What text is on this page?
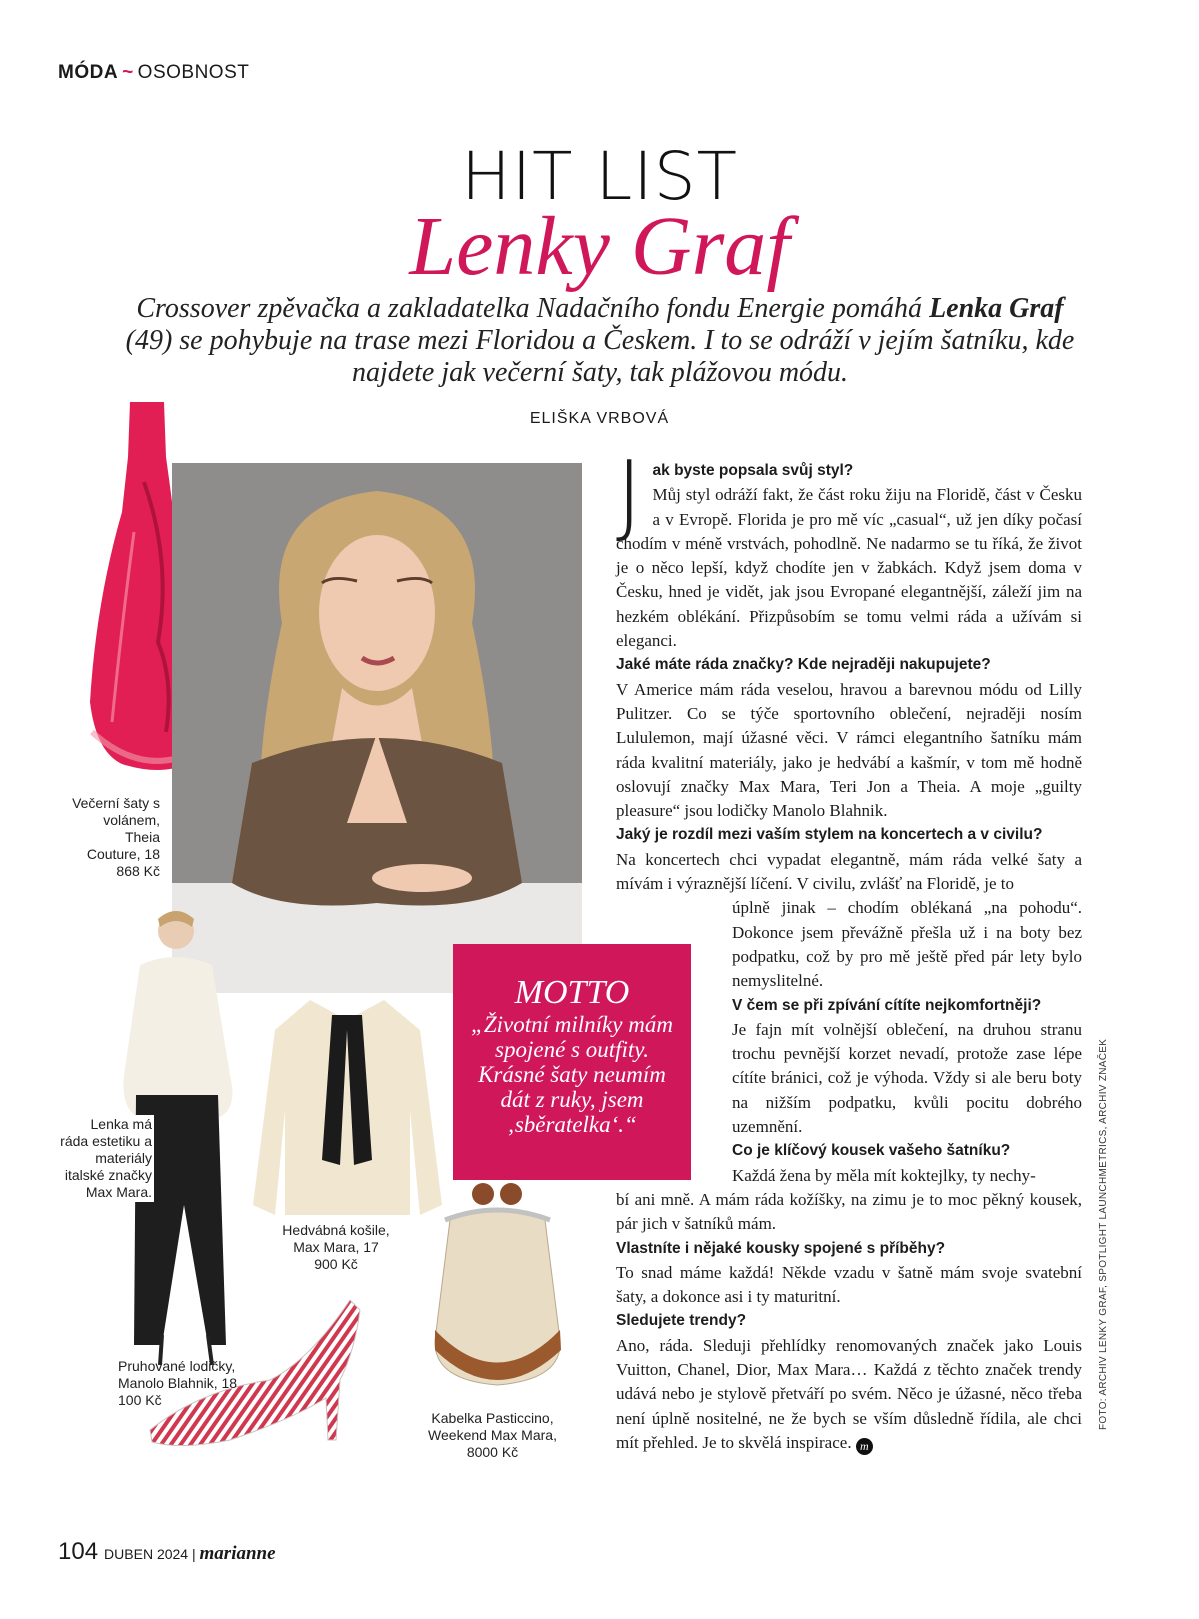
MÓDA ~ OSOBNOST
HIT LIST
Lenky Graf
Crossover zpěvačka a zakladatelka Nadačního fondu Energie pomáhá Lenka Graf (49) se pohybuje na trase mezi Floridou a Českem. I to se odráží v jejím šatníku, kde najdete jak večerní šaty, tak plážovou módu.
ELIŠKA VRBOVÁ
Večerní šaty s volánem, Theia Couture, 18 868 Kč
Lenka má ráda estetiku a materiály italské značky Max Mara.
Hedvábná košile, Max Mara, 17 900 Kč
Pruhované lodičky, Manolo Blahnik, 18 100 Kč
Kabelka Pasticcino, Weekend Max Mara, 8000 Kč
MOTTO
„Životní milníky mám spojené s outfity. Krásné šaty neumím dát z ruky, jsem ‚sběratelka‘.“

Jak byste popsala svůj styl?
Můj styl odráží fakt, že část roku žiju na Floridě, část v Česku a v Evropě. Florida je pro mě víc „casual“, už jen díky počasí chodím v méně vrstvách, pohodlně. Ne nadarmo se tu říká, že život je o něco lepší, když chodíte jen v žabkách. Když jsem doma v Česku, hned je vidět, jak jsou Evropané elegantnější, záleží jim na hezkém oblékání. Přizpůsobím se tomu velmi ráda a užívám si eleganci.

Jaké máte ráda značky? Kde nejraději nakupujete?

V Americe mám ráda veselou, hravou a barevnou módu od Lilly Pulitzer. Co se týče sportovního oblečení, nejraději nosím Lululemon, mají úžasné věci. V rámci elegantního šatníku mám ráda kvalitní materiály, jako je hedvábí a kašmír, v tom mě hodně oslovují značky Max Mara, Teri Jon a Theia. A moje „guilty pleasure“ jsou lodičky Manolo Blahnik.

Jaký je rozdíl mezi vaším stylem na koncertech a v civilu?

Na koncertech chci vypadat elegantně, mám ráda velké šaty a mívám i výraznější líčení. V civilu, zvlášť na Floridě, je to

úplně jinak – chodím oblékaná „na pohodu“. Dokonce jsem převážně přešla už i na boty bez podpatku, což by pro mě ještě před pár lety bylo nemyslitelné.

V čem se při zpívání cítíte nejkomfortněji?

Je fajn mít volnější oblečení, na druhou stranu trochu pevnější korzet nevadí, protože zase lépe cítíte bránici, což je výhoda. Vždy si ale beru boty na nižším podpatku, kvůli pocitu dobrého uzemnění.

Co je klíčový kousek vašeho šatníku?

Každá žena by měla mít koktejlky, ty nechy-

bí ani mně. A mám ráda kožíšky, na zimu je to moc pěkný kousek, pár jich v šatníků mám.

Vlastníte i nějaké kousky spojené s příběhy?

To snad máme každá! Někde vzadu v šatně mám svoje svatební šaty, a dokonce asi i ty maturitní.

Sledujete trendy?

Ano, ráda. Sleduji přehlídky renomovaných značek jako Louis Vuitton, Chanel, Dior, Max Mara… Každá z těchto značek trendy udává nebo je stylově přetváří po svém. Něco je úžasné, něco třeba není úplně nositelné, ne že bych se vším důsledně řídila, ale chci mít přehled. Je to skvělá inspirace. m

FOTO: ARCHIV LENKY GRAF, SPOTLIGHT LAUNCHMETRICS, ARCHIV ZNAČEK
104 DUBEN 2024 | marianne
